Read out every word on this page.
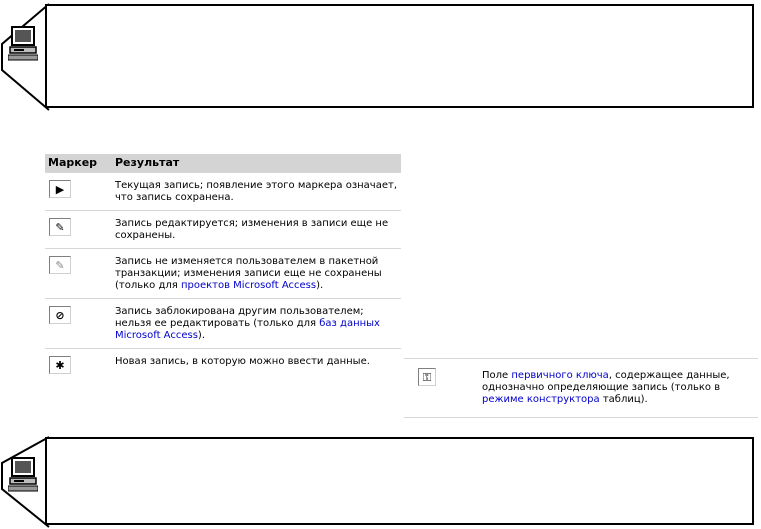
Маркер	Результат

▶	Текущая запись; появление этого маркера означает, что запись сохранена.

✎	Запись редактируется; изменения в записи еще не сохранены.

✎	Запись не изменяется пользователем в пакетной транзакции; изменения записи еще не сохранены (только для проектов Microsoft Access).

⊘	Запись заблокирована другим пользователем; нельзя ее редактировать (только для баз данных Microsoft Access).

✱	Новая запись, в которую можно ввести данные.
⚿	Поле первичного ключа, содержащее данные, однозначно определяющие запись (только в режиме конструктора таблиц).
